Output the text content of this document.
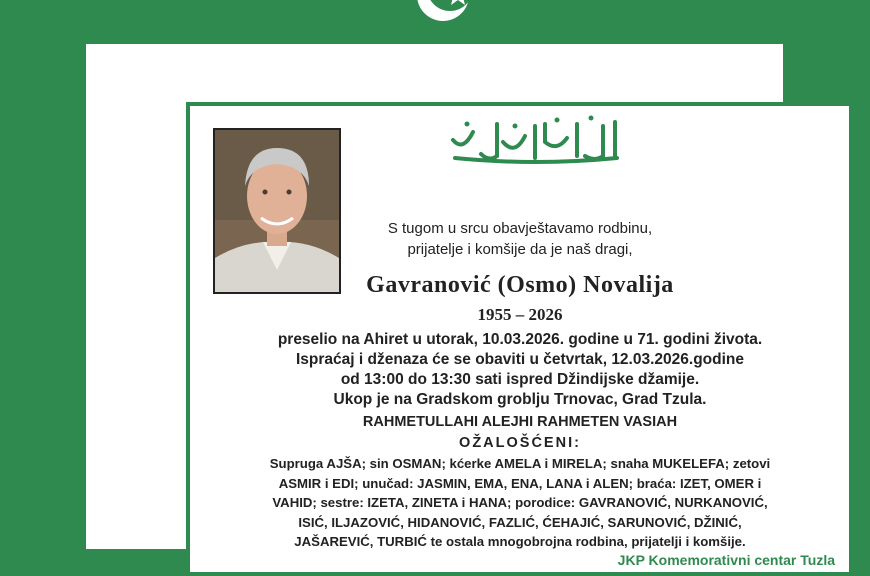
S tugom u srcu obavještavamo rodbinu,
prijatelje i komšije da je naš dragi,
Gavranović (Osmo) Novalija
1955 – 2026
preselio na Ahiret u utorak, 10.03.2026. godine u 71. godini života.
Ispraćaj i dženaza će se obaviti u četvrtak, 12.03.2026.godine
od 13:00 do 13:30 sati ispred Džindijske džamije.
Ukop je na Gradskom groblju Trnovac, Grad Tzula.
RAHMETULLAHI ALEJHI RAHMETEN VASIAH
OŽALOŠĆENI:
Supruga AJŠA; sin OSMAN; kćerke AMELA i MIRELA; snaha MUKELEFA; zetovi
ASMIR i EDI; unučad: JASMIN, EMA, ENA, LANA i ALEN; braća: IZET, OMER i
VAHID; sestre: IZETA, ZINETA i HANA; porodice: GAVRANOVIĆ, NURKANOVIĆ,
ISIĆ, ILJAZOVIĆ, HIDANOVIĆ, FAZLIĆ, ĆEHAJIĆ, SARUNOVIĆ, DŽINIĆ,
JAŠAREVIĆ, TURBIĆ te ostala mnogobrojna rodbina, prijatelji i komšije.
JKP Komemorativni centar Tuzla
